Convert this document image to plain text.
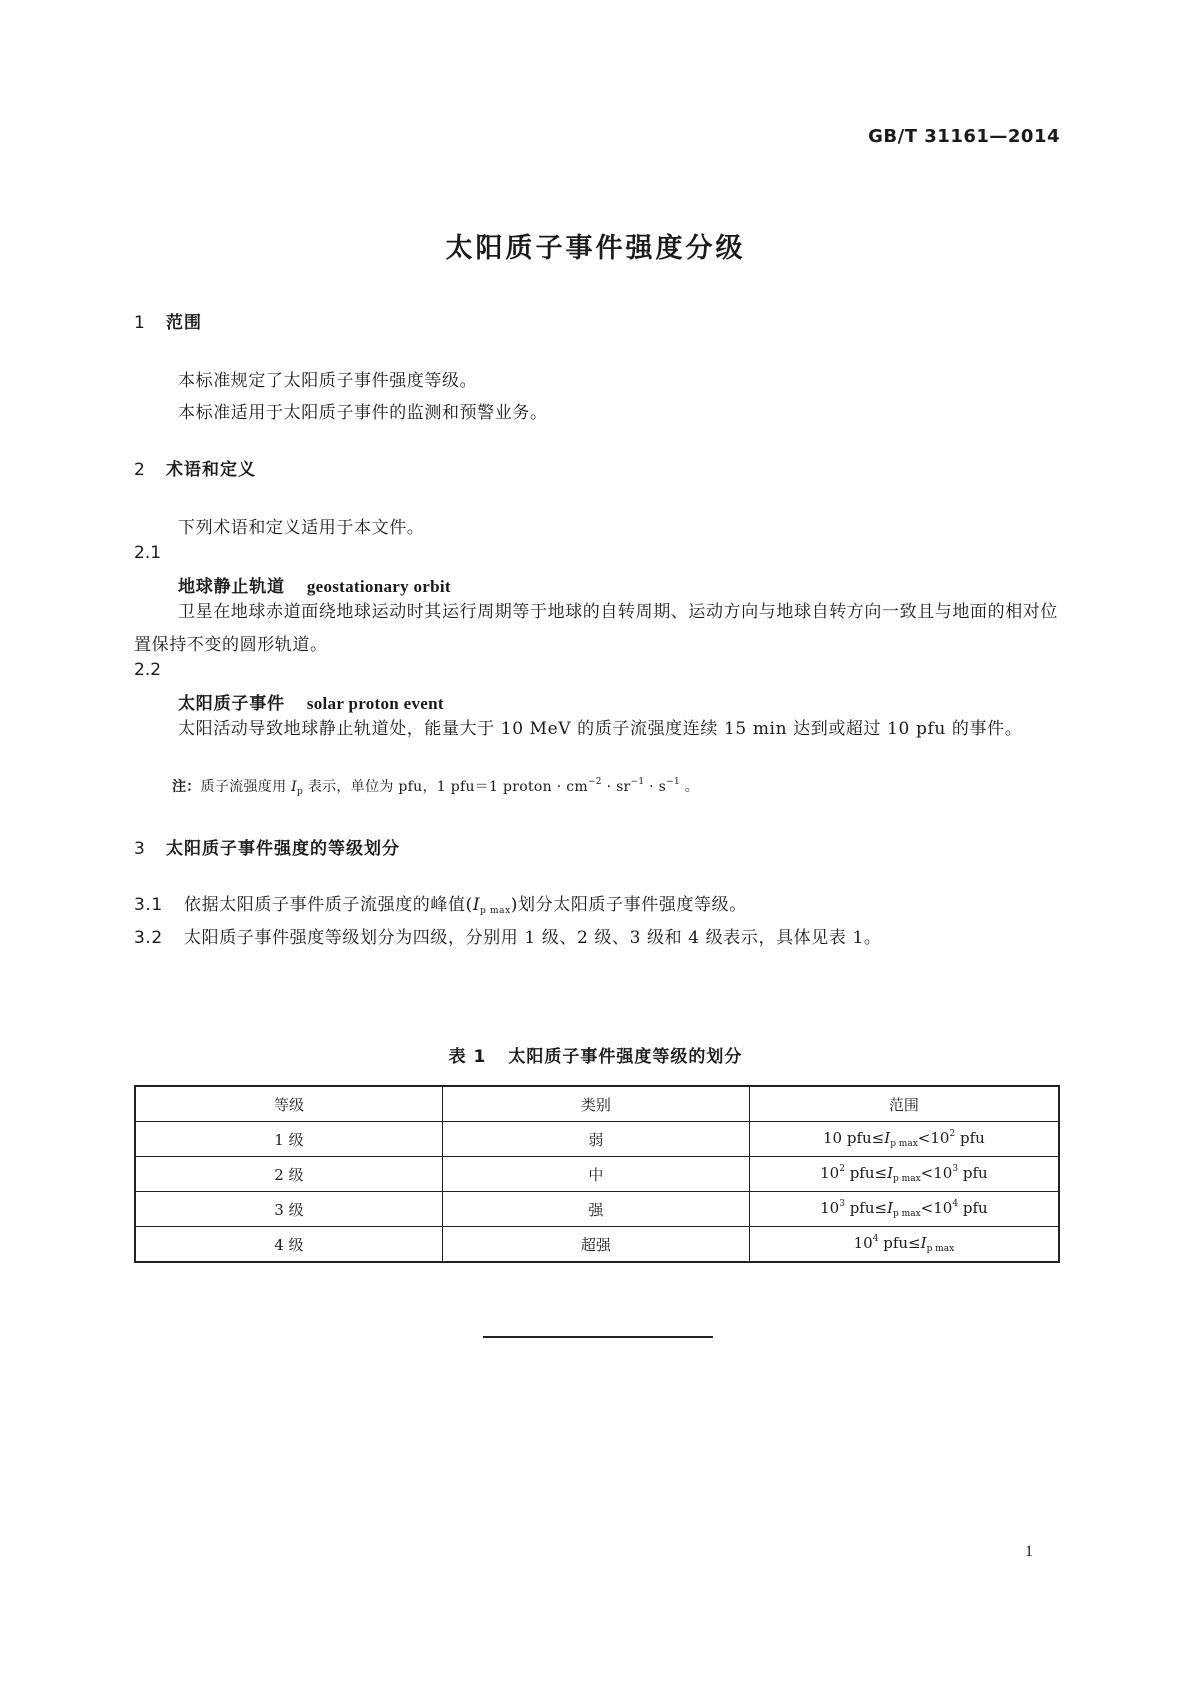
GB/T 31161—2014
太阳质子事件强度分级
1 范围
本标准规定了太阳质子事件强度等级。
本标准适用于太阳质子事件的监测和预警业务。
2 术语和定义
下列术语和定义适用于本文件。
2.1
地球静止轨道 geostationary orbit
卫星在地球赤道面绕地球运动时其运行周期等于地球的自转周期、运动方向与地球自转方向一致且与地面的相对位置保持不变的圆形轨道。
2.2
太阳质子事件 solar proton event
太阳活动导致地球静止轨道处，能量大于 10 MeV 的质子流强度连续 15 min 达到或超过 10 pfu 的事件。
注：质子流强度用 $I_p$ 表示，单位为 pfu，1 pfu＝1 proton · $cm^{-2} \cdot sr^{-1} \cdot s^{-1}$ 。
3 太阳质子事件强度的等级划分
3.1 依据太阳质子事件质子流强度的峰值$(I_{p max})$划分太阳质子事件强度等级。
3.2 太阳质子事件强度等级划分为四级，分别用 1 级、2 级、3 级和 4 级表示，具体见表 1。
表 1 太阳质子事件强度等级的划分
等级	类别	范围
1 级	弱	10 $pfu\le I_{p max}<10^2$ pfu
2 级	中	$10^2$ $pfu\le I_{p max}<10^3$ pfu
3 级	强	$10^3$ $pfu\le I_{p max}<10^4$ pfu
4 级	超强	$10^4$ $pfu\le I_{p max}$
1
